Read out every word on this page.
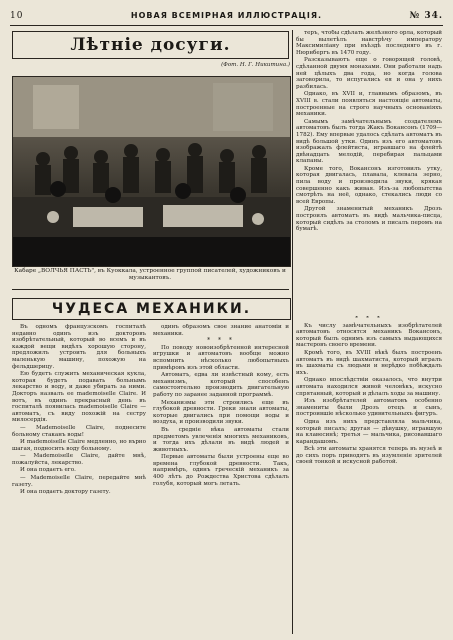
10	НОВАЯ ВСЕМІРНАЯ ИЛЛЮСТРАЦІЯ.	№ 34.
Лѣтніе досуги.
(Фот. Н. Г. Никитина.)
Кабаре „ВОЛЧЬЯ ПАСТЬ", въ Куоккала, устроенное группой писателей, художниковъ и музыкантовъ.

теръ, чтобы сдѣлать желѣзного орла, который бы вылетѣлъ навстрѣчу императору Максимиліану при въѣздѣ последняго въ г. Нюрнбергъ въ 1470 году.

Разсказываютъ еще о говорящей головѣ, сдѣланной двумя монахами. Они работали надъ ней цѣлыхъ два года, но когда голова заговорила, то испугались ея и она у нихъ разбилась.

Однако, въ XVII и, главнымъ образомъ, въ XVIII в. стали появляться настоящіе автоматы, построенные на строго научныхъ основаніяхъ механики.

Самымъ замѣчательнымъ создателемъ автоматовъ былъ тогда Жакъ Вокансонъ (1709—1782). Ему впервые удалось сдѣлать автоматъ въ видѣ большой утки. Одинъ изъ его автоматовъ изображалъ флейтиста, игравшаго на флейтѣ двѣнадцать мелодій, перебирая пальцами клапаны.

Кроме того, Вокансонъ изготовилъ утку, которая двигалась, плавала, клевала зерно, пила воду и производила звуки, крякая совершенно какъ живая. Изъ-за любопытства смотрѣть на неё, однако, стекались люди со всей Европы.

Другой знаменитый механикъ Дрозъ построилъ автоматъ въ видѣ мальчика-писца, который сидѣлъ за столомъ и писалъ перомъ на бумагѣ.

ЧУДЕСА МЕХАНИКИ.

Въ одномъ французскомъ госпиталѣ недавно одинъ изъ докторовъ изобрѣтательный, который во всемъ и въ каждой вещи видѣлъ хорошую сторону, предложилъ устроить для больныхъ маленькую машину, похожую на фельдшерицу.

Ею будетъ служить механическая кукла, которая будетъ подавать больнымъ лекарство и воду, и даже убирать за ними. Докторъ назвалъ ее mademoiselle Claire. И вотъ, въ одинъ прекрасный день въ госпиталѣ появилась mademoiselle Claire — автоматъ, съ виду похожій на сестру милосердія.

— Mademoiselle Claire, поднесите больному стаканъ воды!

И mademoiselle Claire медленно, но върно шагая, подносить воду больному.

— Mademoiselle Claire, дайте мнѣ, пожалуйста, лекарство.

И она подаетъ его.

— Mademoiselle Claire, передайте мнѣ газету.

И она подаетъ доктору газету.

одинъ образомъ свое знание анатоміи и механики.

* * *

По поводу новоизобрѣтенной интересной игрушки и автоматовъ вообще можно вспомнить нѣсколько любопытныхъ примѣровъ изъ этой области.

Автоматъ, едва ли извѣстный кому, есть механизмъ, который способенъ самостоятельно производить двигательную работу по заранее заданной программѣ.

Механизмы эти строились еще въ глубокой древности. Греки знали автоматы, которые двигались при помощи воды и воздуха, и производили звуки.

Въ средніе вѣка автоматы стали предметомъ увлеченія многихъ механиковъ, и тогда ихъ дѣлали въ видѣ людей и животныхъ.

Первые автоматы были устроены еще во времена глубокой древности. Такъ, напримѣръ, одинъ греческій механикъ за 400 лѣтъ до Рождества Христова сдѣлалъ голубя, который могъ летать.

* * *

Къ числу замѣчательныхъ изобрѣтателей автоматовъ относятся механикъ Вокансонъ, который былъ однимъ изъ самыхъ выдающихся мастеровъ своего времени.

Кромѣ того, въ XVIII вѣкѣ былъ построенъ автоматъ въ видѣ шахматиста, который игралъ въ шахматы съ людьми и нерѣдко побѣждалъ ихъ.

Однако впослѣдствіи оказалось, что внутри автомата находился живой человѣкъ, искусно спрятанный, который и дѣлалъ ходы за машину.

Изъ изобрѣтателей автоматовъ особенно знамениты были Дрозъ отецъ и сынъ, построившіе нѣсколько удивительныхъ фигуръ.

Одна изъ нихъ представляла мальчика, который писалъ; другая — дѣвушку, игравшую на клавесинѣ; третья — мальчика, рисовавшаго карандашомъ.

Всѣ эти автоматы хранятся теперь въ музеѣ и до сихъ поръ приводятъ въ изумленіе зрителей своей тонкой и искусной работой.
